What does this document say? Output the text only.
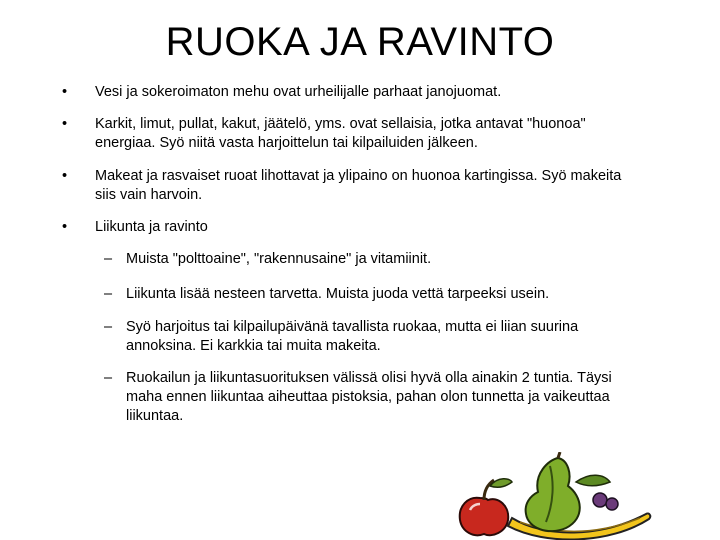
RUOKA JA RAVINTO
• Vesi ja sokeroimaton mehu ovat urheilijalle parhaat janojuomat.
• Karkit, limut, pullat, kakut, jäätelö, yms. ovat sellaisia, jotka antavat "huonoa" energiaa. Syö niitä vasta harjoittelun tai kilpailuiden jälkeen.
• Makeat ja rasvaiset ruoat lihottavat ja ylipaino on huonoa kartingissa. Syö makeita siis vain harvoin.
• Liikunta ja ravinto
– Muista "polttoaine", "rakennusaine" ja vitamiinit.
– Liikunta lisää nesteen tarvetta. Muista juoda vettä tarpeeksi usein.
– Syö harjoitus tai kilpailupäivänä tavallista ruokaa, mutta ei liian suurina annoksina. Ei karkkia tai muita makeita.
– Ruokailun ja liikuntasuorituksen välissä olisi hyvä olla ainakin 2 tuntia. Täysi maha ennen liikuntaa aiheuttaa pistoksia, pahan olon tunnetta ja vaikeuttaa liikuntaa.
